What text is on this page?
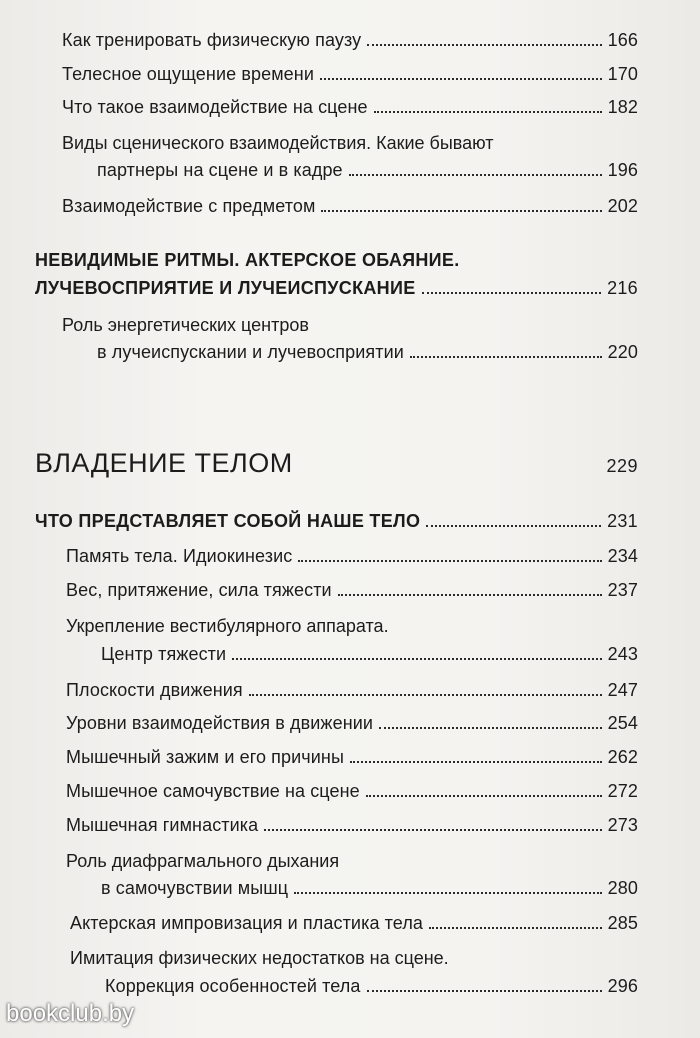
Как тренировать физическую паузу	166
Телесное ощущение времени	170
Что такое взаимодействие на сцене	182
Виды сценического взаимодействия. Какие бывают
партнеры на сцене и в кадре	196
Взаимодействие с предметом	202
НЕВИДИМЫЕ РИТМЫ. АКТЕРСКОЕ ОБАЯНИЕ.
ЛУЧЕВОСПРИЯТИЕ И ЛУЧЕИСПУСКАНИЕ	216
Роль энергетических центров
в лучеиспускании и лучевосприятии	220
ВЛАДЕНИЕ ТЕЛОМ	229
ЧТО ПРЕДСТАВЛЯЕТ СОБОЙ НАШЕ ТЕЛО	231
Память тела. Идиокинезис	234
Вес, притяжение, сила тяжести	237
Укрепление вестибулярного аппарата.
Центр тяжести	243
Плоскости движения	247
Уровни взаимодействия в движении	254
Мышечный зажим и его причины	262
Мышечное самочувствие на сцене	272
Мышечная гимнастика	273
Роль диафрагмального дыхания
в самочувствии мышц	280
Актерская импровизация и пластика тела	285
Имитация физических недостатков на сцене.
Коррекция особенностей тела	296
bookclub.by
